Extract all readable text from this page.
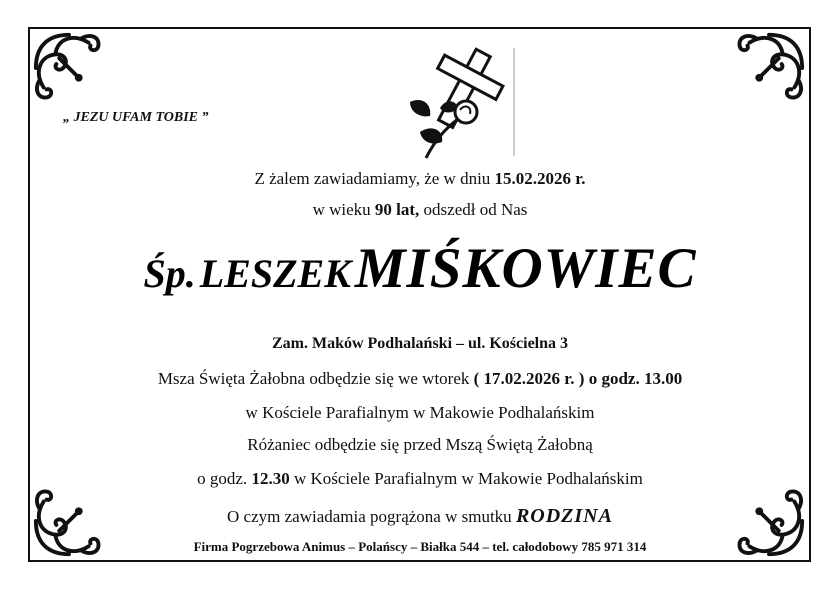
„ JEZU UFAM TOBIE ”
Z żalem zawiadamiamy, że w dniu 15.02.2026 r.
w wieku 90 lat, odszedł od Nas
Śp. LESZEK MIŚKOWIEC
Zam. Maków Podhalański – ul. Kościelna 3
Msza Święta Żałobna odbędzie się we wtorek ( 17.02.2026 r. ) o godz. 13.00
w Kościele Parafialnym w Makowie Podhalańskim
Różaniec odbędzie się przed Mszą Świętą Żałobną
o godz. 12.30 w Kościele Parafialnym w Makowie Podhalańskim
O czym zawiadamia pogrążona w smutku RODZINA
Firma Pogrzebowa Animus – Polańscy – Białka 544 – tel. całodobowy 785 971 314
